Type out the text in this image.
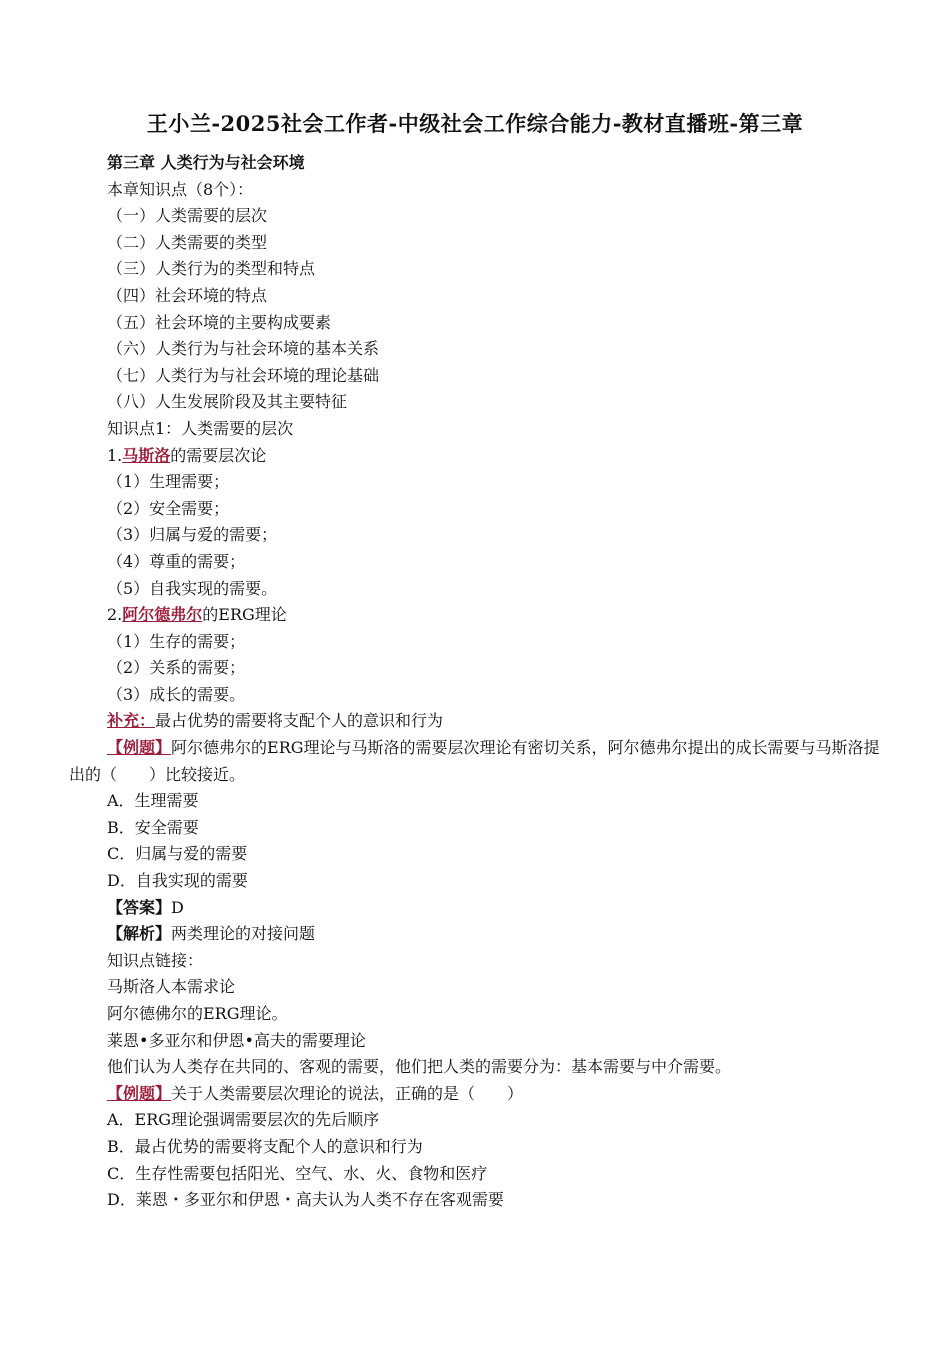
王小兰-2025社会工作者-中级社会工作综合能力-教材直播班-第三章
第三章 人类行为与社会环境
本章知识点（8个）：
（一）人类需要的层次
（二）人类需要的类型
（三）人类行为的类型和特点
（四）社会环境的特点
（五）社会环境的主要构成要素
（六）人类行为与社会环境的基本关系
（七）人类行为与社会环境的理论基础
（八）人生发展阶段及其主要特征
知识点1：人类需要的层次
1.马斯洛的需要层次论
（1）生理需要；
（2）安全需要；
（3）归属与爱的需要；
（4）尊重的需要；
（5）自我实现的需要。
2.阿尔德弗尔的ERG理论
（1）生存的需要；
（2）关系的需要；
（3）成长的需要。
补充：最占优势的需要将支配个人的意识和行为
【例题】阿尔德弗尔的ERG理论与马斯洛的需要层次理论有密切关系，阿尔德弗尔提出的成长需要与马斯洛提出的（　　）比较接近。
A．生理需要
B．安全需要
C．归属与爱的需要
D．自我实现的需要
【答案】D
【解析】两类理论的对接问题
知识点链接：
马斯洛人本需求论
阿尔德佛尔的ERG理论。
莱恩•多亚尔和伊恩•高夫的需要理论
他们认为人类存在共同的、客观的需要，他们把人类的需要分为：基本需要与中介需要。
【例题】关于人类需要层次理论的说法，正确的是（　　）
A．ERG理论强调需要层次的先后顺序
B．最占优势的需要将支配个人的意识和行为
C．生存性需要包括阳光、空气、水、火、食物和医疗
D．莱恩・多亚尔和伊恩・高夫认为人类不存在客观需要
